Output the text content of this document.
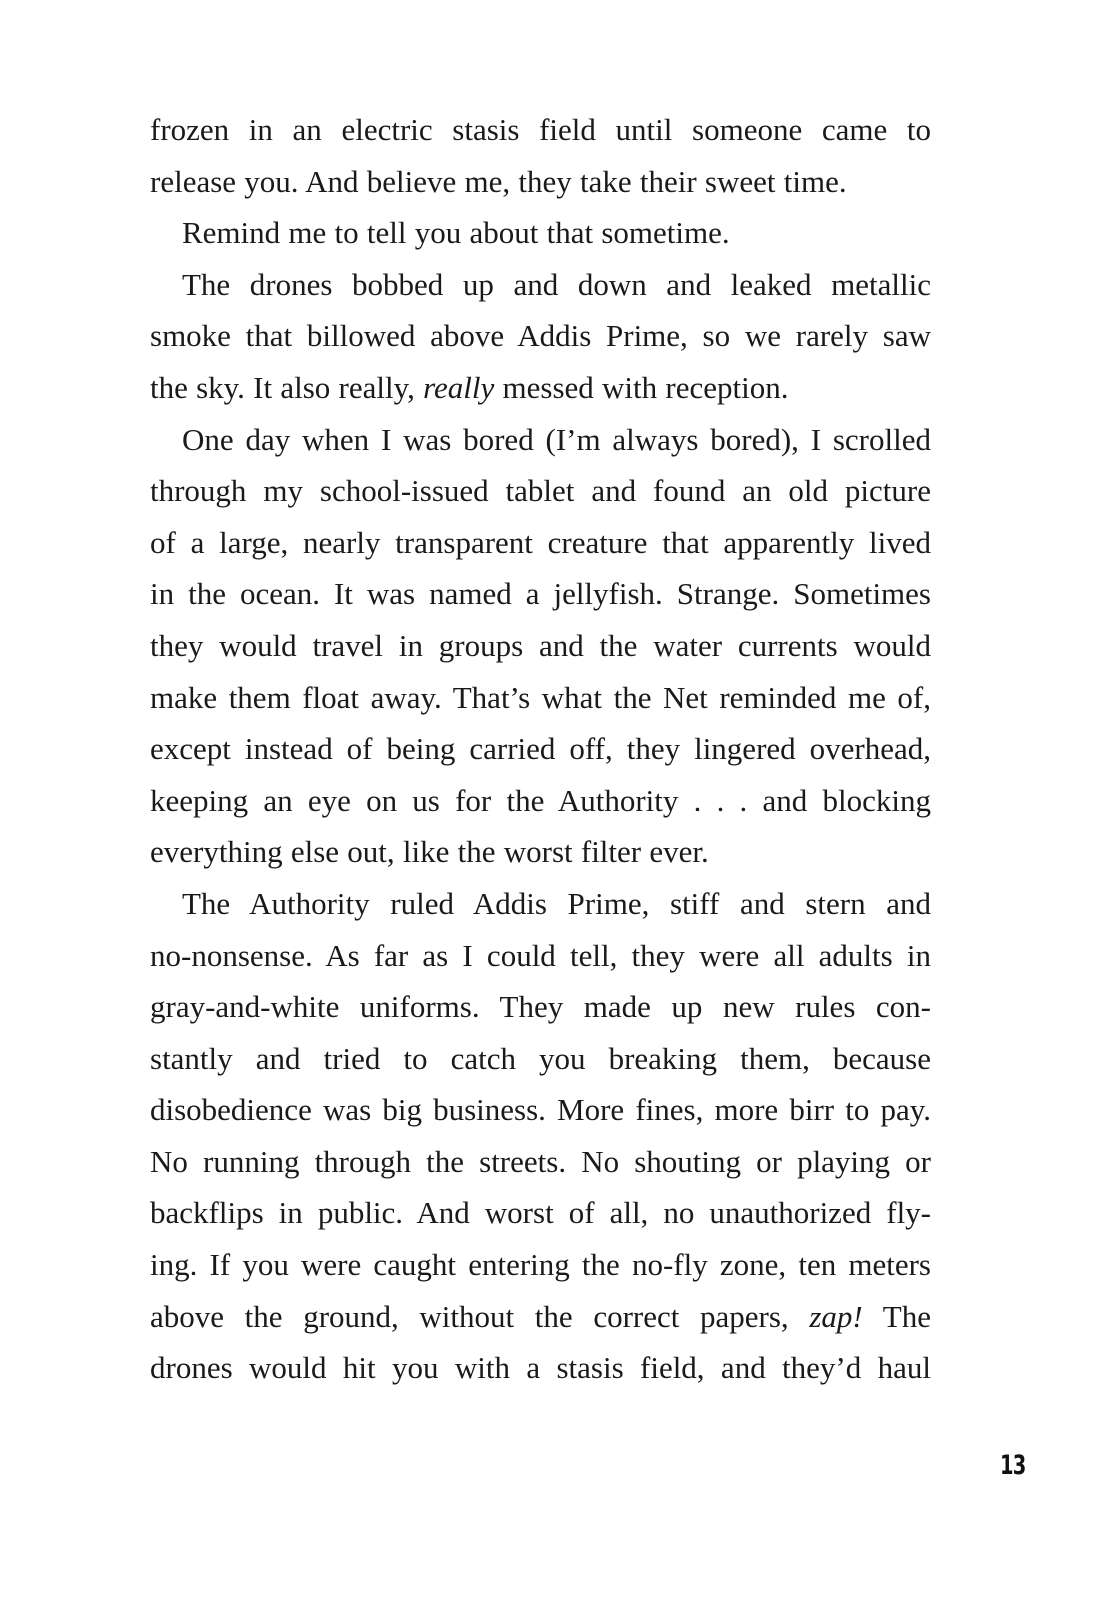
frozen in an electric stasis field until someone came to
release you. And believe me, they take their sweet time.

Remind me to tell you about that sometime.

The drones bobbed up and down and leaked metallic
smoke that billowed above Addis Prime, so we rarely saw
the sky. It also really, really messed with reception.

One day when I was bored (I’m always bored), I scrolled
through my school-issued tablet and found an old picture
of a large, nearly transparent creature that apparently lived
in the ocean. It was named a jellyfish. Strange. Sometimes
they would travel in groups and the water currents would
make them float away. That’s what the Net reminded me of,
except instead of being carried off, they lingered overhead,
keeping an eye on us for the Authority . . . and blocking
everything else out, like the worst filter ever.

The Authority ruled Addis Prime, stiff and stern and
no-nonsense. As far as I could tell, they were all adults in
gray-and-white uniforms. They made up new rules con-
stantly and tried to catch you breaking them, because
disobedience was big business. More fines, more birr to pay.
No running through the streets. No shouting or playing or
backflips in public. And worst of all, no unauthorized fly-
ing. If you were caught entering the no-fly zone, ten meters
above the ground, without the correct papers, zap! The
drones would hit you with a stasis field, and they’d haul

13
